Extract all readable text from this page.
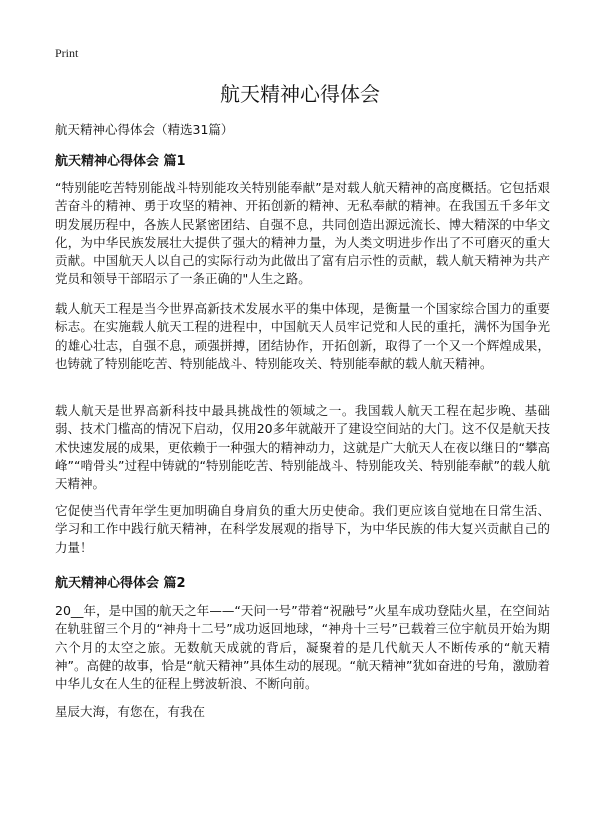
Print
航天精神心得体会
航天精神心得体会（精选31篇）
航天精神心得体会 篇1

“特别能吃苦特别能战斗特别能攻关特别能奉献”是对载人航天精神的高度概括。它包括艰苦奋斗的精神、勇于攻坚的精神、开拓创新的精神、无私奉献的精神。在我国五千多年文明发展历程中，各族人民紧密团结、自强不息，共同创造出源远流长、博大精深的中华文化，为中华民族发展壮大提供了强大的精神力量，为人类文明进步作出了不可磨灭的重大贡献。中国航天人以自己的实际行动为此做出了富有启示性的贡献，载人航天精神为共产党员和领导干部昭示了一条正确的"人生之路。

载人航天工程是当今世界高新技术发展水平的集中体现，是衡量一个国家综合国力的重要标志。在实施载人航天工程的进程中，中国航天人员牢记党和人民的重托，满怀为国争光的雄心壮志，自强不息，顽强拼搏，团结协作，开拓创新，取得了一个又一个辉煌成果，也铸就了特别能吃苦、特别能战斗、特别能攻关、特别能奉献的载人航天精神。

载人航天是世界高新科技中最具挑战性的领域之一。我国载人航天工程在起步晚、基础弱、技术门槛高的情况下启动，仅用20多年就敲开了建设空间站的大门。这不仅是航天技术快速发展的成果，更依赖于一种强大的精神动力，这就是广大航天人在夜以继日的“攀高峰”“啃骨头”过程中铸就的“特别能吃苦、特别能战斗、特别能攻关、特别能奉献”的载人航天精神。

它促使当代青年学生更加明确自身肩负的重大历史使命。我们更应该自觉地在日常生活、学习和工作中践行航天精神，在科学发展观的指导下，为中华民族的伟大复兴贡献自己的力量！

航天精神心得体会 篇2

20__年，是中国的航天之年——“天问一号”带着“祝融号”火星车成功登陆火星，在空间站在轨驻留三个月的“神舟十二号”成功返回地球，“神舟十三号”已载着三位宇航员开始为期六个月的太空之旅。无数航天成就的背后，凝聚着的是几代航天人不断传承的“航天精神”。高健的故事，恰是“航天精神”具体生动的展现。“航天精神”犹如奋进的号角，激励着中华儿女在人生的征程上劈波斩浪、不断向前。

星辰大海，有您在，有我在
